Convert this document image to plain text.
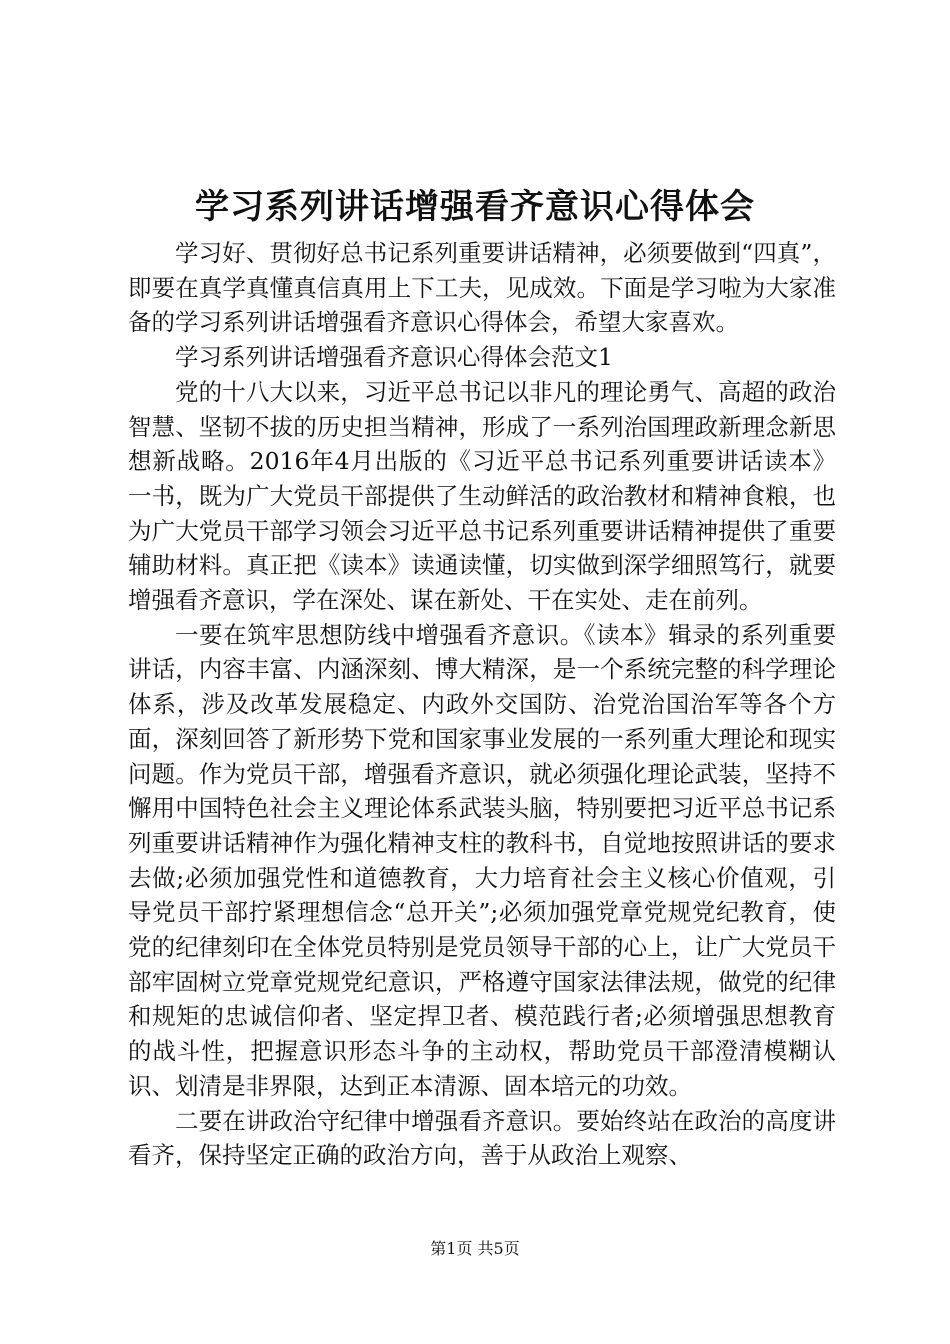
学习系列讲话增强看齐意识心得体会

学习好、贯彻好总书记系列重要讲话精神，必须要做到“四真”，即要在真学真懂真信真用上下工夫，见成效。下面是学习啦为大家准备的学习系列讲话增强看齐意识心得体会，希望大家喜欢。

学习系列讲话增强看齐意识心得体会范文1

党的十八大以来，习近平总书记以非凡的理论勇气、高超的政治智慧、坚韧不拔的历史担当精神，形成了一系列治国理政新理念新思想新战略。2016年4月出版的《习近平总书记系列重要讲话读本》一书，既为广大党员干部提供了生动鲜活的政治教材和精神食粮，也为广大党员干部学习领会习近平总书记系列重要讲话精神提供了重要辅助材料。真正把《读本》读通读懂，切实做到深学细照笃行，就要增强看齐意识，学在深处、谋在新处、干在实处、走在前列。

一要在筑牢思想防线中增强看齐意识。《读本》辑录的系列重要讲话，内容丰富、内涵深刻、博大精深，是一个系统完整的科学理论体系，涉及改革发展稳定、内政外交国防、治党治国治军等各个方面，深刻回答了新形势下党和国家事业发展的一系列重大理论和现实问题。作为党员干部，增强看齐意识，就必须强化理论武装，坚持不懈用中国特色社会主义理论体系武装头脑，特别要把习近平总书记系列重要讲话精神作为强化精神支柱的教科书，自觉地按照讲话的要求去做;必须加强党性和道德教育，大力培育社会主义核心价值观，引导党员干部拧紧理想信念“总开关”;必须加强党章党规党纪教育，使党的纪律刻印在全体党员特别是党员领导干部的心上，让广大党员干部牢固树立党章党规党纪意识，严格遵守国家法律法规，做党的纪律和规矩的忠诚信仰者、坚定捍卫者、模范践行者;必须增强思想教育的战斗性，把握意识形态斗争的主动权，帮助党员干部澄清模糊认识、划清是非界限，达到正本清源、固本培元的功效。

二要在讲政治守纪律中增强看齐意识。要始终站在政治的高度讲看齐，保持坚定正确的政治方向，善于从政治上观察、

第1页 共5页
